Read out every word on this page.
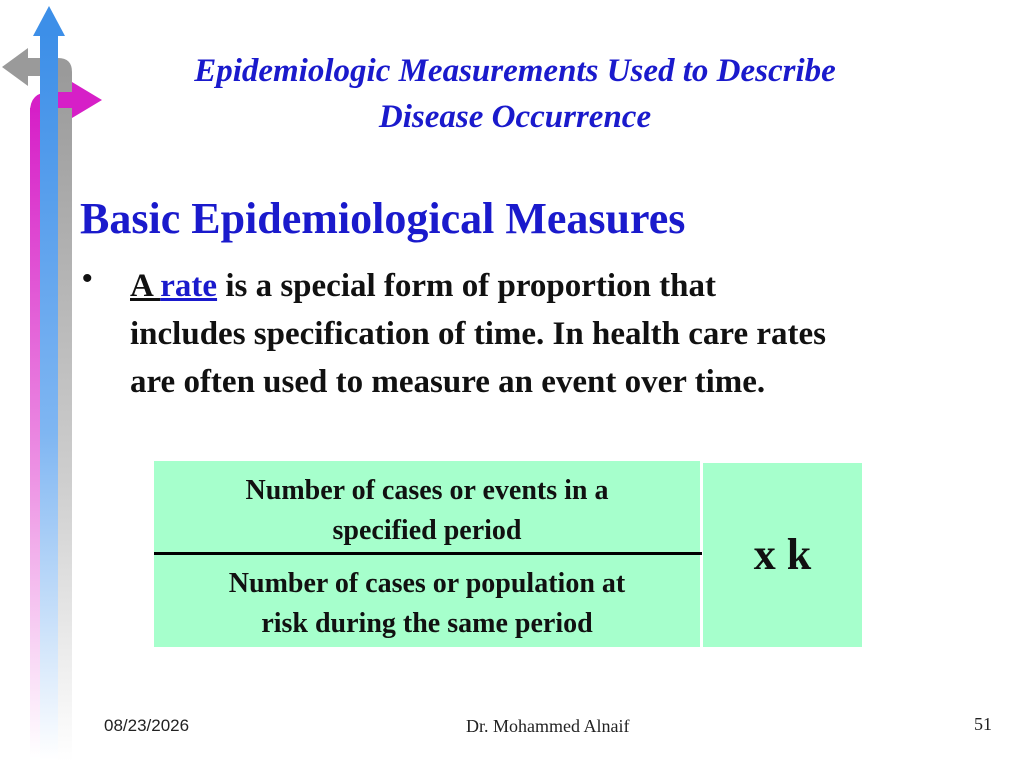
Epidemiologic Measurements Used to Describe
Disease Occurrence
Basic Epidemiological Measures
• A rate is a special form of proportion that
includes specification of time. In health care rates
are often used to measure an event over time.
Number of cases or events in a
specified period
Number of cases or population at
risk during the same period
x k
08/23/2026	Dr. Mohammed Alnaif	51
